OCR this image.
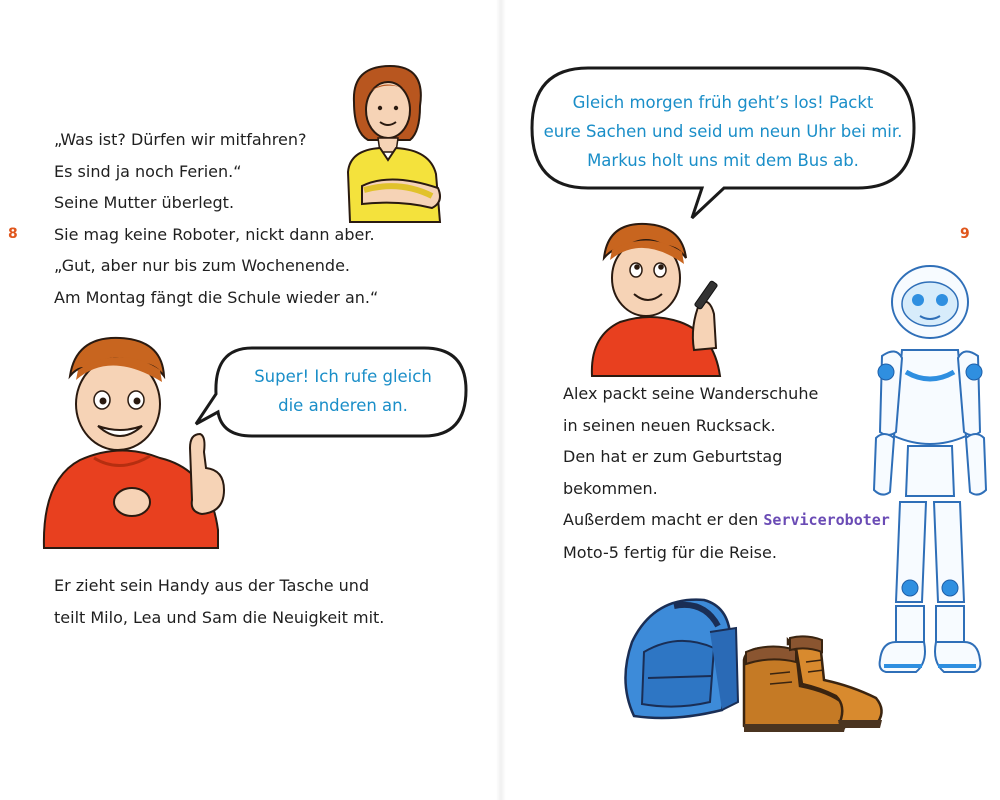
8
„Was ist? Dürfen wir mitfahren?
Es sind ja noch Ferien.“
Seine Mutter überlegt.
Sie mag keine Roboter, nickt dann aber.
„Gut, aber nur bis zum Wochenende.
Am Montag fängt die Schule wieder an.“
Super! Ich rufe gleich
die anderen an.
Er zieht sein Handy aus der Tasche und
teilt Milo, Lea und Sam die Neuigkeit mit.
9
Gleich morgen früh geht’s los! Packt
eure Sachen und seid um neun Uhr bei mir.
Markus holt uns mit dem Bus ab.
Alex packt seine Wanderschuhe
in seinen neuen Rucksack.
Den hat er zum Geburtstag
bekommen.
Außerdem macht er den Serviceroboter
Moto-5 fertig für die Reise.
